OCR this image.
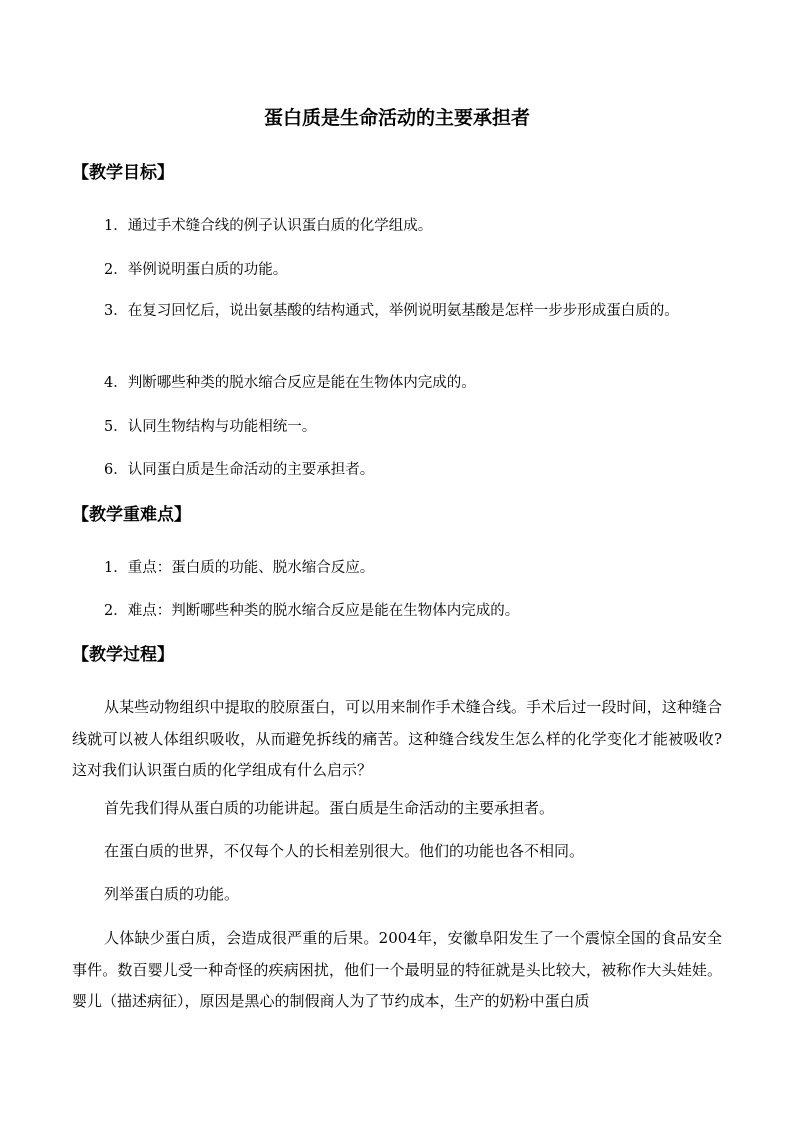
蛋白质是生命活动的主要承担者
【教学目标】
1．通过手术缝合线的例子认识蛋白质的化学组成。
2．举例说明蛋白质的功能。
3．在复习回忆后，说出氨基酸的结构通式，举例说明氨基酸是怎样一步步形成蛋白质的。
4．判断哪些种类的脱水缩合反应是能在生物体内完成的。
5．认同生物结构与功能相统一。
6．认同蛋白质是生命活动的主要承担者。
【教学重难点】
1．重点：蛋白质的功能、脱水缩合反应。
2．难点：判断哪些种类的脱水缩合反应是能在生物体内完成的。
【教学过程】
从某些动物组织中提取的胶原蛋白，可以用来制作手术缝合线。手术后过一段时间，这种缝合线就可以被人体组织吸收，从而避免拆线的痛苦。这种缝合线发生怎么样的化学变化才能被吸收?这对我们认识蛋白质的化学组成有什么启示？
首先我们得从蛋白质的功能讲起。蛋白质是生命活动的主要承担者。
在蛋白质的世界，不仅每个人的长相差别很大。他们的功能也各不相同。
列举蛋白质的功能。
人体缺少蛋白质，会造成很严重的后果。2004年，安徽阜阳发生了一个震惊全国的食品安全事件。数百婴儿受一种奇怪的疾病困扰，他们一个最明显的特征就是头比较大，被称作大头娃娃。婴儿（描述病征），原因是黑心的制假商人为了节约成本，生产的奶粉中蛋白质
